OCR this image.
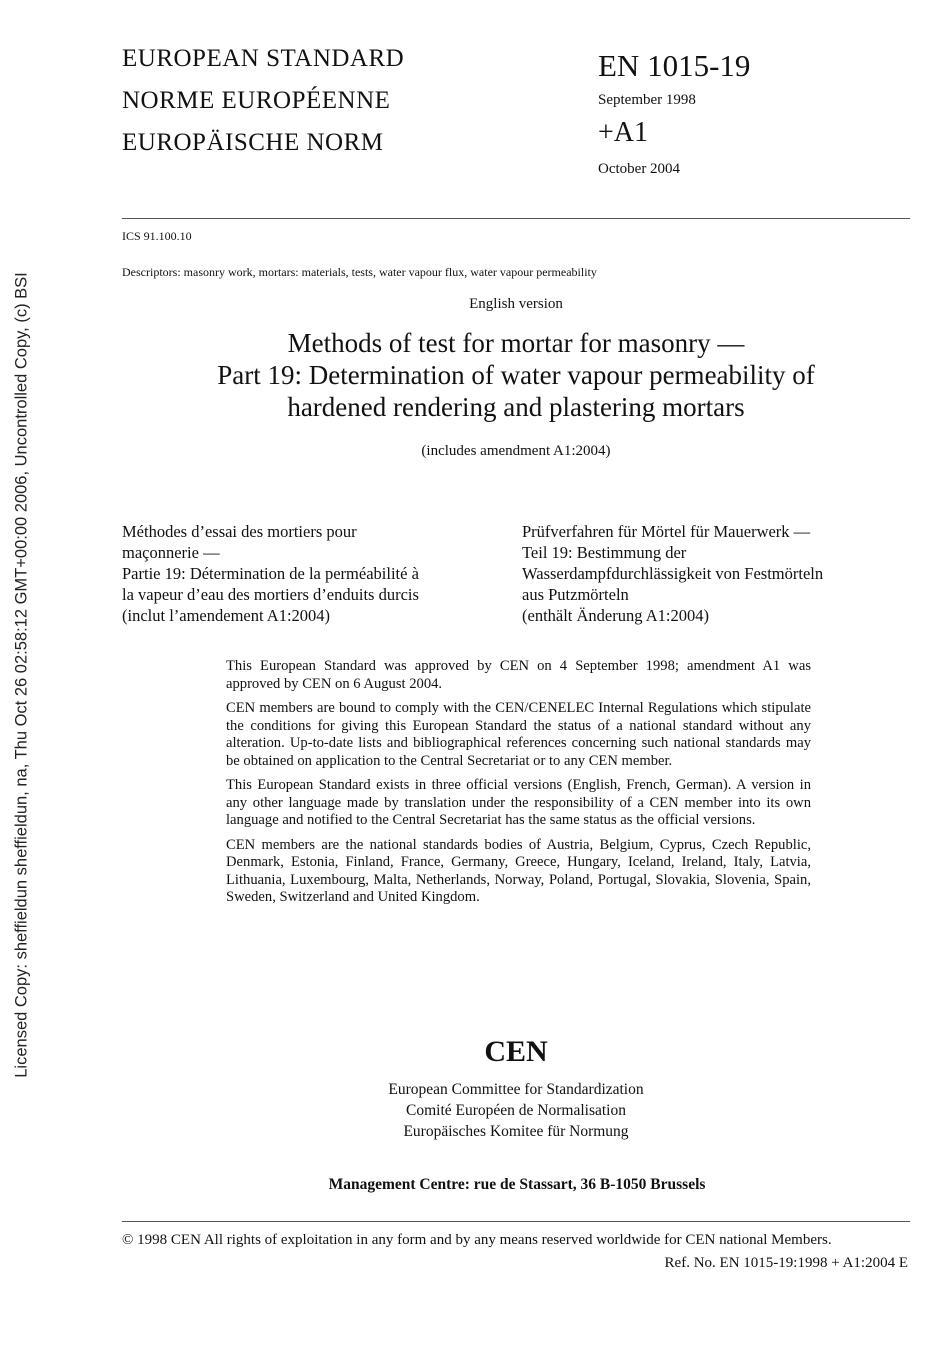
Licensed Copy: sheffieldun sheffieldun, na, Thu Oct 26 02:58:12 GMT+00:00 2006, Uncontrolled Copy, (c) BSI
EUROPEAN STANDARD
NORME EUROPÉENNE
EUROPÄISCHE NORM
EN 1015-19
September 1998
+A1
October 2004
ICS 91.100.10
Descriptors: masonry work, mortars: materials, tests, water vapour flux, water vapour permeability
English version
Methods of test for mortar for masonry —
Part 19: Determination of water vapour permeability of
hardened rendering and plastering mortars
(includes amendment A1:2004)
Méthodes d’essai des mortiers pour
maçonnerie —
Partie 19: Détermination de la perméabilité à
la vapeur d’eau des mortiers d’enduits durcis
(inclut l’amendement A1:2004)
Prüfverfahren für Mörtel für Mauerwerk —
Teil 19: Bestimmung der
Wasserdampfdurchlässigkeit von Festmörteln
aus Putzmörteln
(enthält Änderung A1:2004)

This European Standard was approved by CEN on 4 September 1998; amendment A1 was approved by CEN on 6 August 2004.

CEN members are bound to comply with the CEN/CENELEC Internal Regulations which stipulate the conditions for giving this European Standard the status of a national standard without any alteration. Up-to-date lists and bibliographical references concerning such national standards may be obtained on application to the Central Secretariat or to any CEN member.

This European Standard exists in three official versions (English, French, German). A version in any other language made by translation under the responsibility of a CEN member into its own language and notified to the Central Secretariat has the same status as the official versions.

CEN members are the national standards bodies of Austria, Belgium, Cyprus, Czech Republic, Denmark, Estonia, Finland, France, Germany, Greece, Hungary, Iceland, Ireland, Italy, Latvia, Lithuania, Luxembourg, Malta, Netherlands, Norway, Poland, Portugal, Slovakia, Slovenia, Spain, Sweden, Switzerland and United Kingdom.

CEN
European Committee for Standardization
Comité Européen de Normalisation
Europäisches Komitee für Normung
Management Centre: rue de Stassart, 36 B-1050 Brussels
© 1998 CEN All rights of exploitation in any form and by any means reserved worldwide for CEN national Members.
Ref. No. EN 1015-19:1998 + A1:2004 E
